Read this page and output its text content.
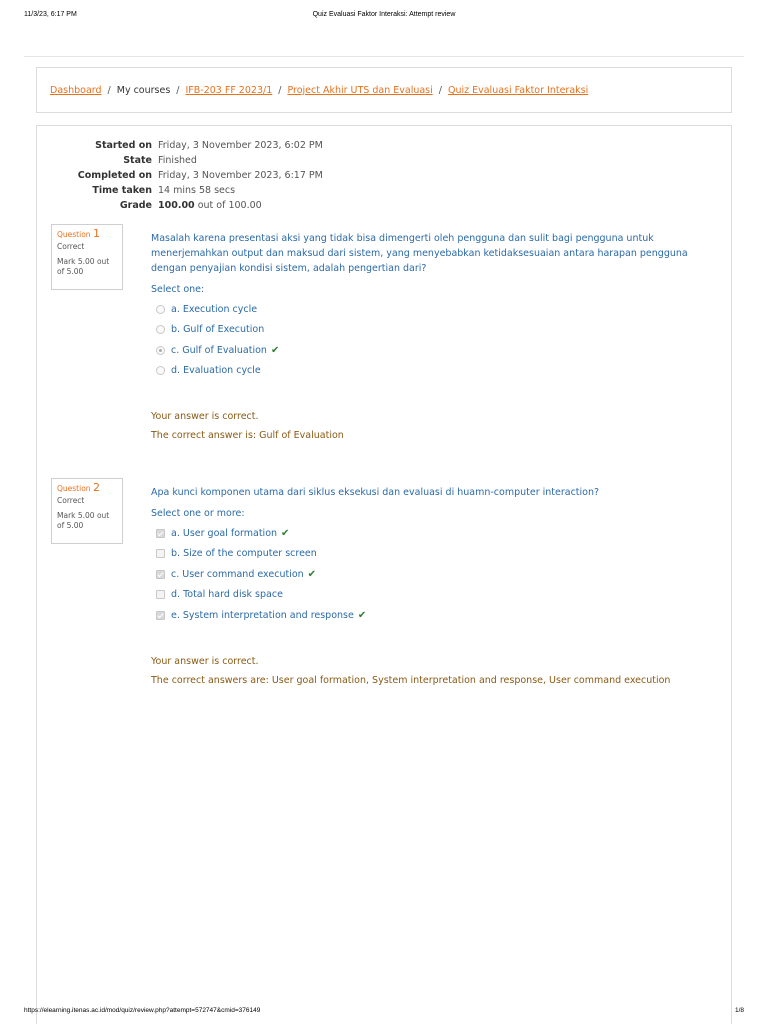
11/3/23, 6:17 PM	Quiz Evaluasi Faktor Interaksi: Attempt review
Dashboard / My courses / IFB-203 FF 2023/1 / Project Akhir UTS dan Evaluasi / Quiz Evaluasi Faktor Interaksi
Started on Friday, 3 November 2023, 6:02 PM
State Finished
Completed on Friday, 3 November 2023, 6:17 PM
Time taken 14 mins 58 secs
Grade 100.00 out of 100.00
Question 1
Correct
Mark 5.00 out of 5.00
Masalah karena presentasi aksi yang tidak bisa dimengerti oleh pengguna dan sulit bagi pengguna untuk menerjemahkan output dan maksud dari sistem, yang menyebabkan ketidaksesuaian antara harapan pengguna dengan penyajian kondisi sistem, adalah pengertian dari?
Select one:
a. Execution cycle
b. Gulf of Execution
c. Gulf of Evaluation ✔
d. Evaluation cycle
Your answer is correct.
The correct answer is: Gulf of Evaluation
Question 2
Correct
Mark 5.00 out of 5.00
Apa kunci komponen utama dari siklus eksekusi dan evaluasi di huamn-computer interaction?
Select one or more:
a. User goal formation ✔
b. Size of the computer screen
c. User command execution ✔
d. Total hard disk space
e. System interpretation and response ✔
Your answer is correct.
The correct answers are: User goal formation, System interpretation and response, User command execution
https://elearning.itenas.ac.id/mod/quiz/review.php?attempt=572747&cmid=376149	1/8
